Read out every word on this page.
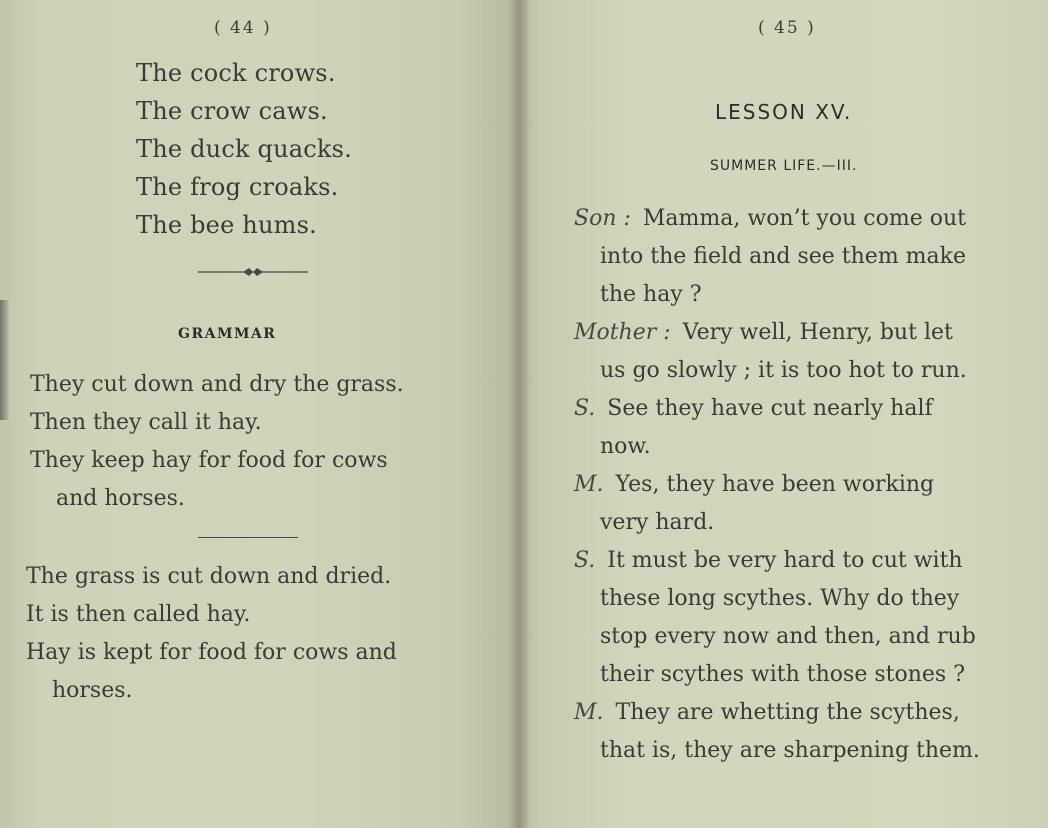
( 44 )
The cock crows.
The crow caws.
The duck quacks.
The frog croaks.
The bee hums.
GRAMMAR
They cut down and dry the grass.
Then they call it hay.
They keep hay for food for cows
and horses.
The grass is cut down and dried.
It is then called hay.
Hay is kept for food for cows and
horses.
( 45 )
LESSON XV.
SUMMER LIFE.—III.
Son : Mamma, won’t you come out
into the field and see them make
the hay ?
Mother : Very well, Henry, but let
us go slowly ; it is too hot to run.
S. See they have cut nearly half
now.
M. Yes, they have been working
very hard.
S. It must be very hard to cut with
these long scythes. Why do they
stop every now and then, and rub
their scythes with those stones ?
M. They are whetting the scythes,
that is, they are sharpening them.
